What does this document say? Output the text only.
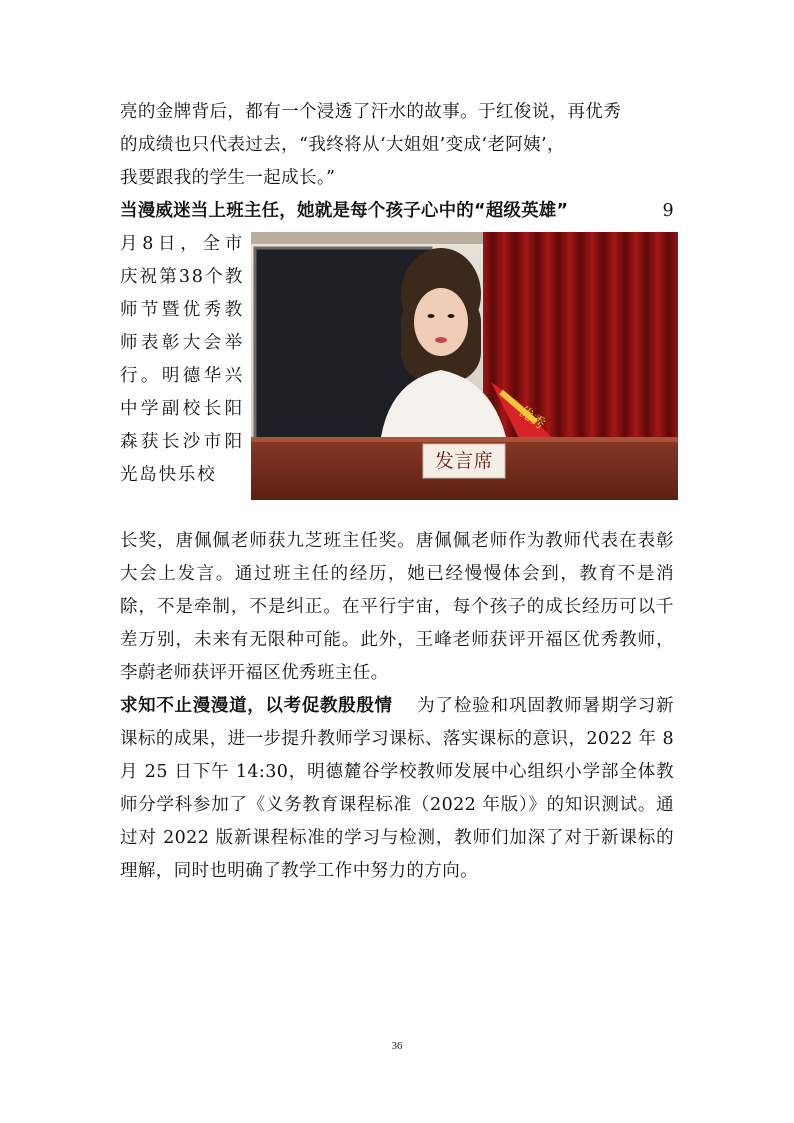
亮的金牌背后，都有一个浸透了汗水的故事。于红俊说，再优秀
的成绩也只代表过去，“我终将从‘大姐姐’变成‘老阿姨’，
我要跟我的学生一起成长。”
当漫威迷当上班主任，她就是每个孩子心中的“超级英雄”	9
月8日，全市庆祝第38个教师节暨优秀教师表彰大会举行。明德华兴中学副校长阳森获长沙市阳光岛快乐校
发言席
优秀
长奖，唐佩佩老师获九芝班主任奖。唐佩佩老师作为教师代表在表彰大会上发言。通过班主任的经历，她已经慢慢体会到，教育不是消除，不是牵制，不是纠正。在平行宇宙，每个孩子的成长经历可以千差万别，未来有无限种可能。此外，王峰老师获评开福区优秀教师，李蔚老师获评开福区优秀班主任。
求知不止漫漫道，以考促教殷殷情 为了检验和巩固教师暑期学习新课标的成果，进一步提升教师学习课标、落实课标的意识，2022 年 8 月 25 日下午 14:30，明德麓谷学校教师发展中心组织小学部全体教师分学科参加了《义务教育课程标准（2022 年版）》的知识测试。通过对 2022 版新课程标准的学习与检测，教师们加深了对于新课标的理解，同时也明确了教学工作中努力的方向。
36
